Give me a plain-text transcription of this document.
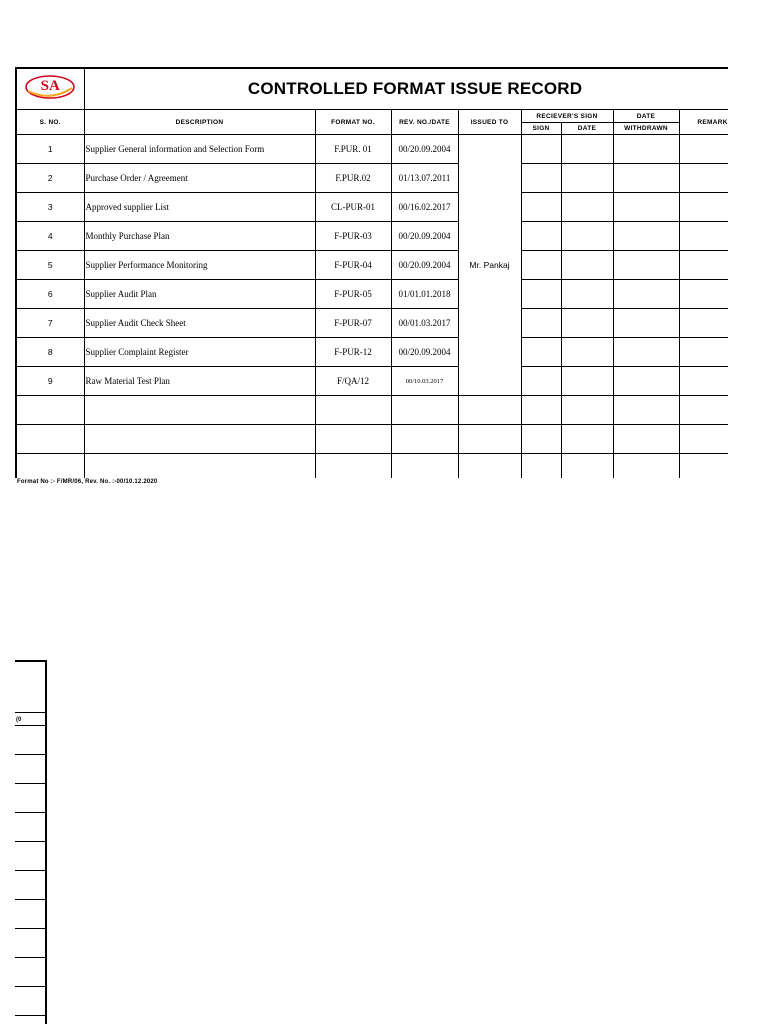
SA	CONTROLLED FORMAT ISSUE RECORD							
S. NO.	DESCRIPTION	FORMAT NO.	REV. NO./DATE	ISSUED TO	RECIEVER'S SIGN		DATE	REMARK
					SIGN	DATE	WITHDRAWN	
1	Supplier General information and Selection Form	F.PUR. 01	00/20.09.2004	Mr. Pankaj				
2	Purchase Order / Agreement	F.PUR.02	01/13.07.2011					
3	Approved supplier List	CL-PUR-01	00/16.02.2017					
4	Monthly Purchase Plan	F-PUR-03	00/20.09.2004					
5	Supplier Performance Monitoring	F-PUR-04	00/20.09.2004					
6	Supplier Audit Plan	F-PUR-05	01/01.01.2018					
7	Supplier Audit Check Sheet	F-PUR-07	00/01.03.2017					
8	Supplier Complaint Register	F-PUR-12	00/20.09.2004					
9	Raw Material Test Plan	F/QA/12	00/10.03.2017					

Format No :- F/MR/06, Rev. No. :-00/10.12.2020
(0
